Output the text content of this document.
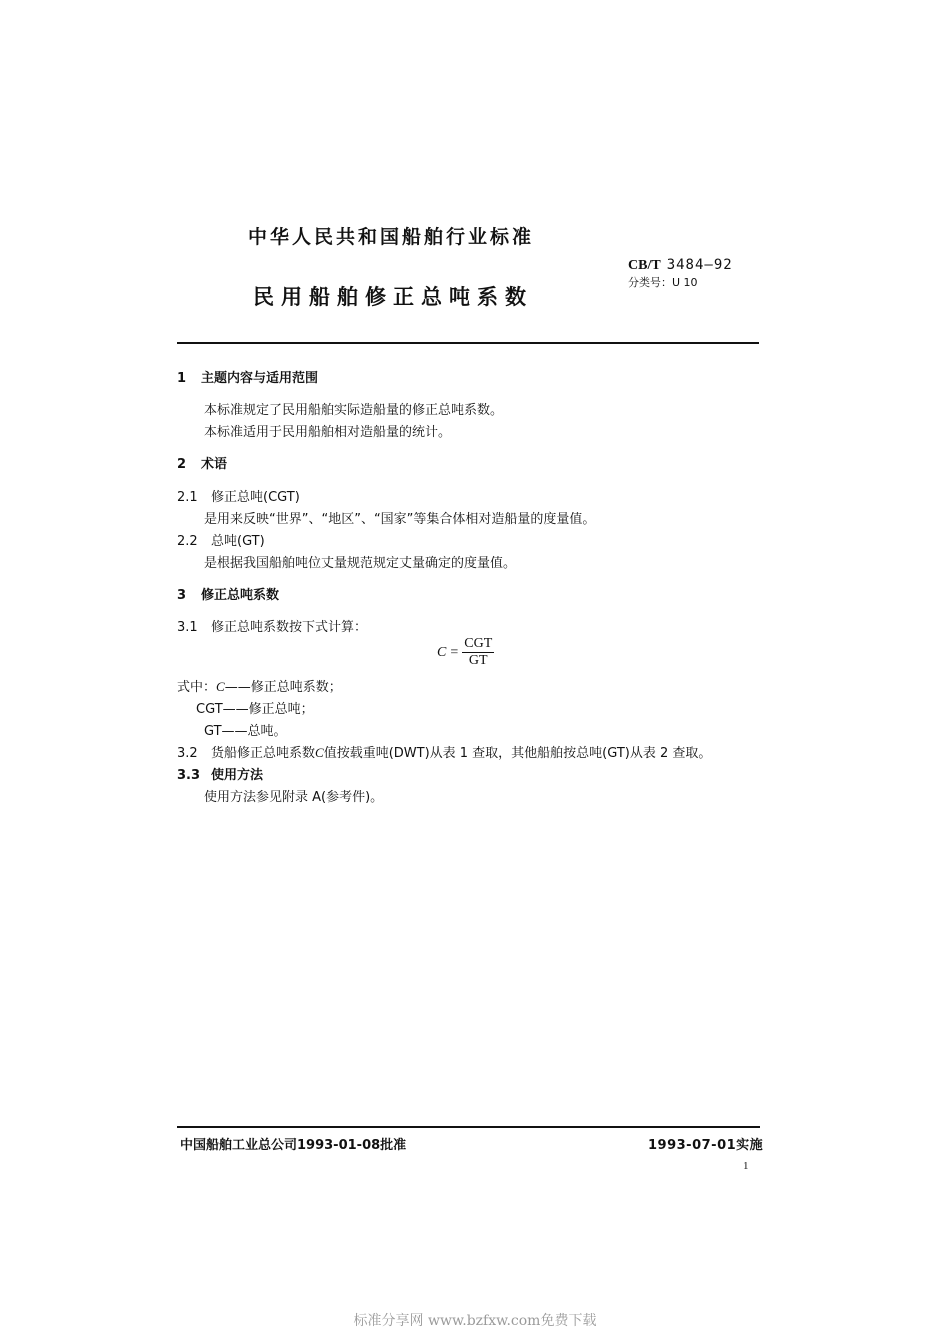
中华人民共和国船舶行业标准
民用船舶修正总吨系数
CB/T 3484—92
分类号：U 10
1 主题内容与适用范围
本标准规定了民用船舶实际造船量的修正总吨系数。
本标准适用于民用船舶相对造船量的统计。
2 术语
2.1 修正总吨(CGT)
是用来反映“世界”、“地区”、“国家”等集合体相对造船量的度量值。
2.2 总吨(GT)
是根据我国船舶吨位丈量规范规定丈量确定的度量值。
3 修正总吨系数
3.1 修正总吨系数按下式计算：
$C = \frac{\text{CGT}}{GT}$
式中：C——修正总吨系数；
CGT——修正总吨；
GT——总吨。
3.2 货船修正总吨系数C值按载重吨(DWT)从表 1 查取，其他船舶按总吨(GT)从表 2 查取。
3.3 使用方法
使用方法参见附录 A(参考件)。
中国船舶工业总公司1993-01-08批准	1993-07-01实施
1
标准分享网 www.bzfxw.com免费下载
